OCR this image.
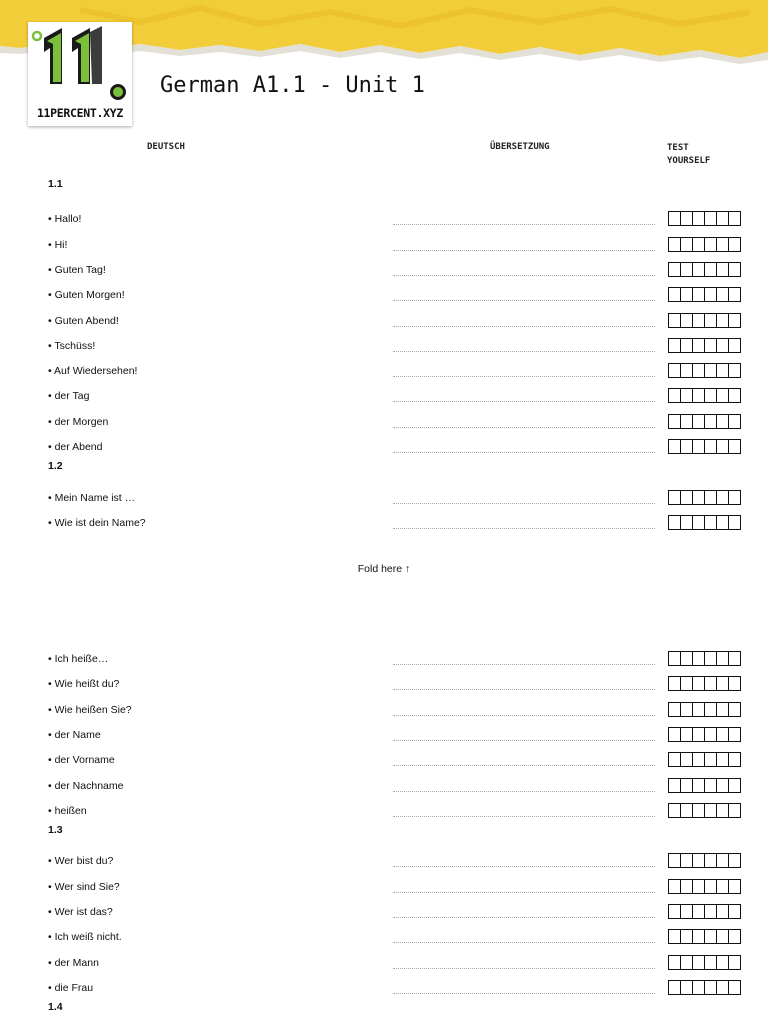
11PERCENT.XYZ
German A1.1 - Unit 1
DEUTSCH	ÜBERSETZUNG	TEST YOURSELF
1.1
• Hallo!
• Hi!
• Guten Tag!
• Guten Morgen!
• Guten Abend!
• Tschüss!
• Auf Wiedersehen!
• der Tag
• der Morgen
• der Abend
1.2
• Mein Name ist …
• Wie ist dein Name?
• Ich heiße…
• Wie heißt du?
• Wie heißen Sie?
• der Name
• der Vorname
• der Nachname
• heißen
1.3
• Wer bist du?
• Wer sind Sie?
• Wer ist das?
• Ich weiß nicht.
• der Mann
• die Frau
1.4
Fold here ↑
